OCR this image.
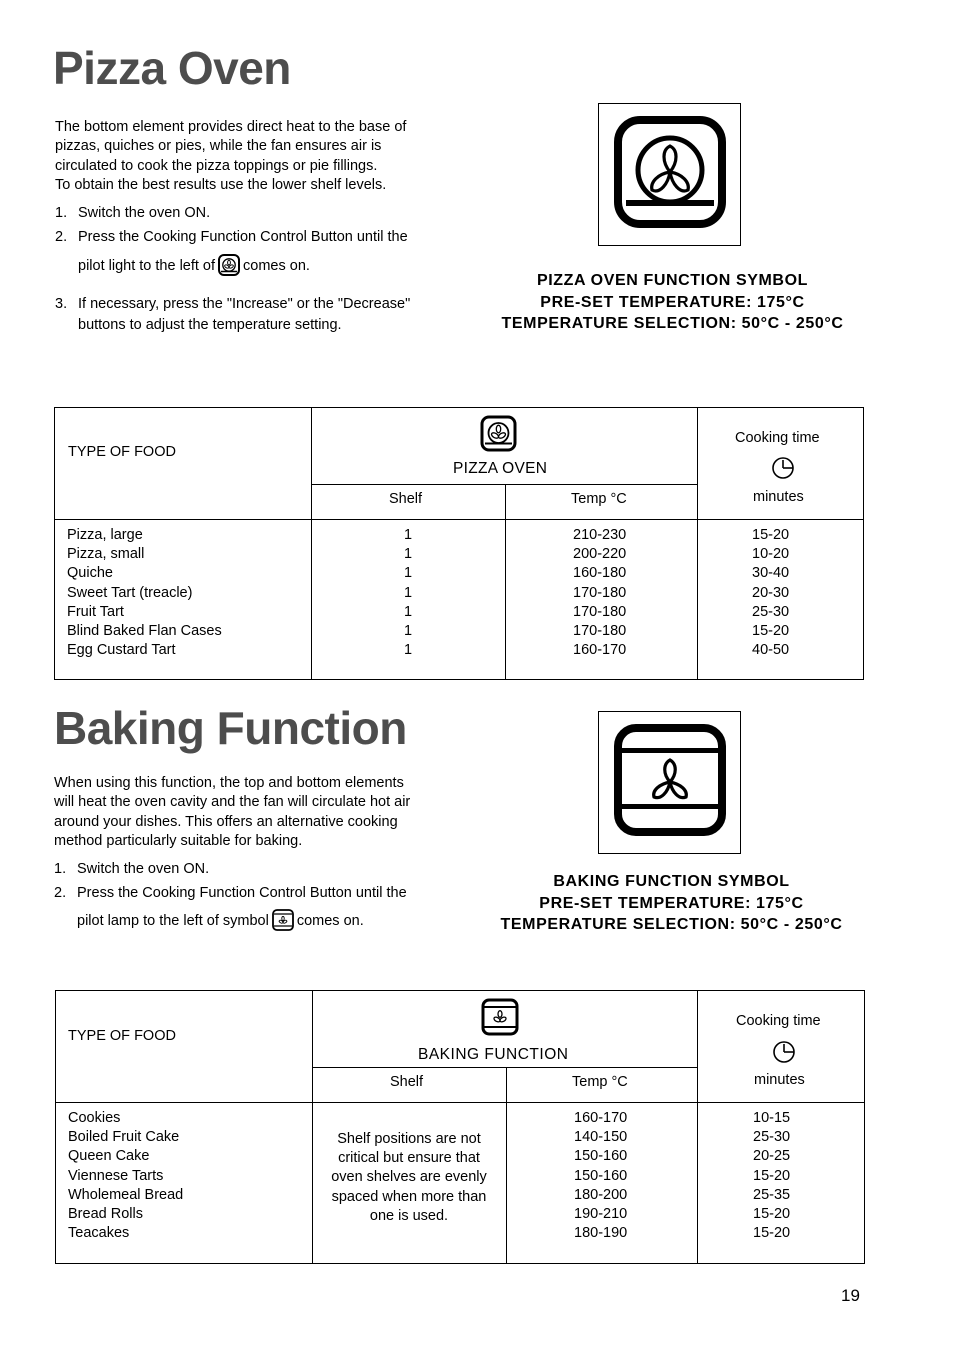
Pizza Oven
The bottom element provides direct heat to the base of
pizzas, quiches or pies, while the fan ensures air is
circulated to cook the pizza toppings or pie fillings.
To obtain the best results use the lower shelf levels.
1. Switch the oven ON.
2. Press the Cooking Function Control Button until the
pilot light to the left of comes on.
3. If necessary, press the "Increase" or the "Decrease"
buttons to adjust the temperature setting.
PIZZA OVEN FUNCTION SYMBOL
PRE-SET TEMPERATURE: 175°C
TEMPERATURE SELECTION: 50°C - 250°C
TYPE OF FOOD
PIZZA OVEN
Cooking time
minutes
Shelf	Temp °C
Pizza, large
Pizza, small
Quiche
Sweet Tart (treacle)
Fruit Tart
Blind Baked Flan Cases
Egg Custard Tart
1
1
1
1
1
1
1
210-230
200-220
160-180
170-180
170-180
170-180
160-170
15-20
10-20
30-40
20-30
25-30
15-20
40-50
Baking Function
When using this function, the top and bottom elements
will heat the oven cavity and the fan will circulate hot air
around your dishes. This offers an alternative cooking
method particularly suitable for baking.
1. Switch the oven ON.
2. Press the Cooking Function Control Button until the
pilot lamp to the left of symbol comes on.
BAKING FUNCTION SYMBOL
PRE-SET TEMPERATURE: 175°C
TEMPERATURE SELECTION: 50°C - 250°C
TYPE OF FOOD
BAKING FUNCTION
Cooking time
minutes
Shelf	Temp °C
Cookies
Boiled Fruit Cake
Queen Cake
Viennese Tarts
Wholemeal Bread
Bread Rolls
Teacakes
Shelf positions are not
critical but ensure that
oven shelves are evenly
spaced when more than
one is used.
160-170
140-150
150-160
150-160
180-200
190-210
180-190
10-15
25-30
20-25
15-20
25-35
15-20
15-20
19
